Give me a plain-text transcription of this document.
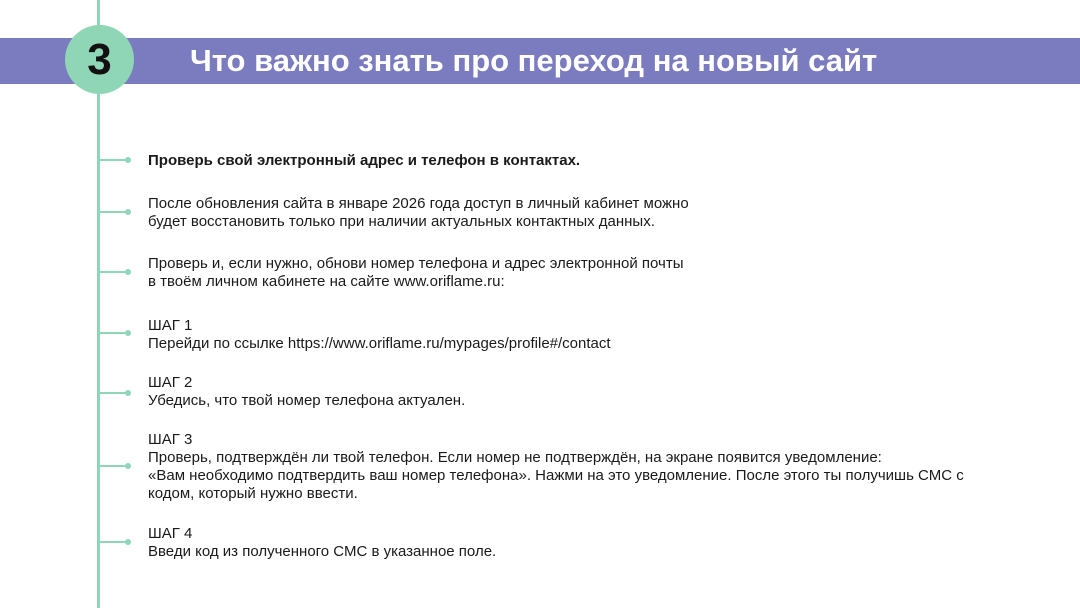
Что важно знать про переход на новый сайт
3
Проверь свой электронный адрес и телефон в контактах.
После обновления сайта в январе 2026 года доступ в личный кабинет можно
будет восстановить только при наличии актуальных контактных данных.
Проверь и, если нужно, обнови номер телефона и адрес электронной почты
в твоём личном кабинете на сайте www.oriflame.ru:
ШАГ 1
Перейди по ссылке https://www.oriflame.ru/mypages/profile#/contact
ШАГ 2
Убедись, что твой номер телефона актуален.
ШАГ 3
Проверь, подтверждён ли твой телефон. Если номер не подтверждён, на экране появится уведомление:
«Вам необходимо подтвердить ваш номер телефона». Нажми на это уведомление. После этого ты получишь СМС с
кодом, который нужно ввести.
ШАГ 4
Введи код из полученного СМС в указанное поле.
